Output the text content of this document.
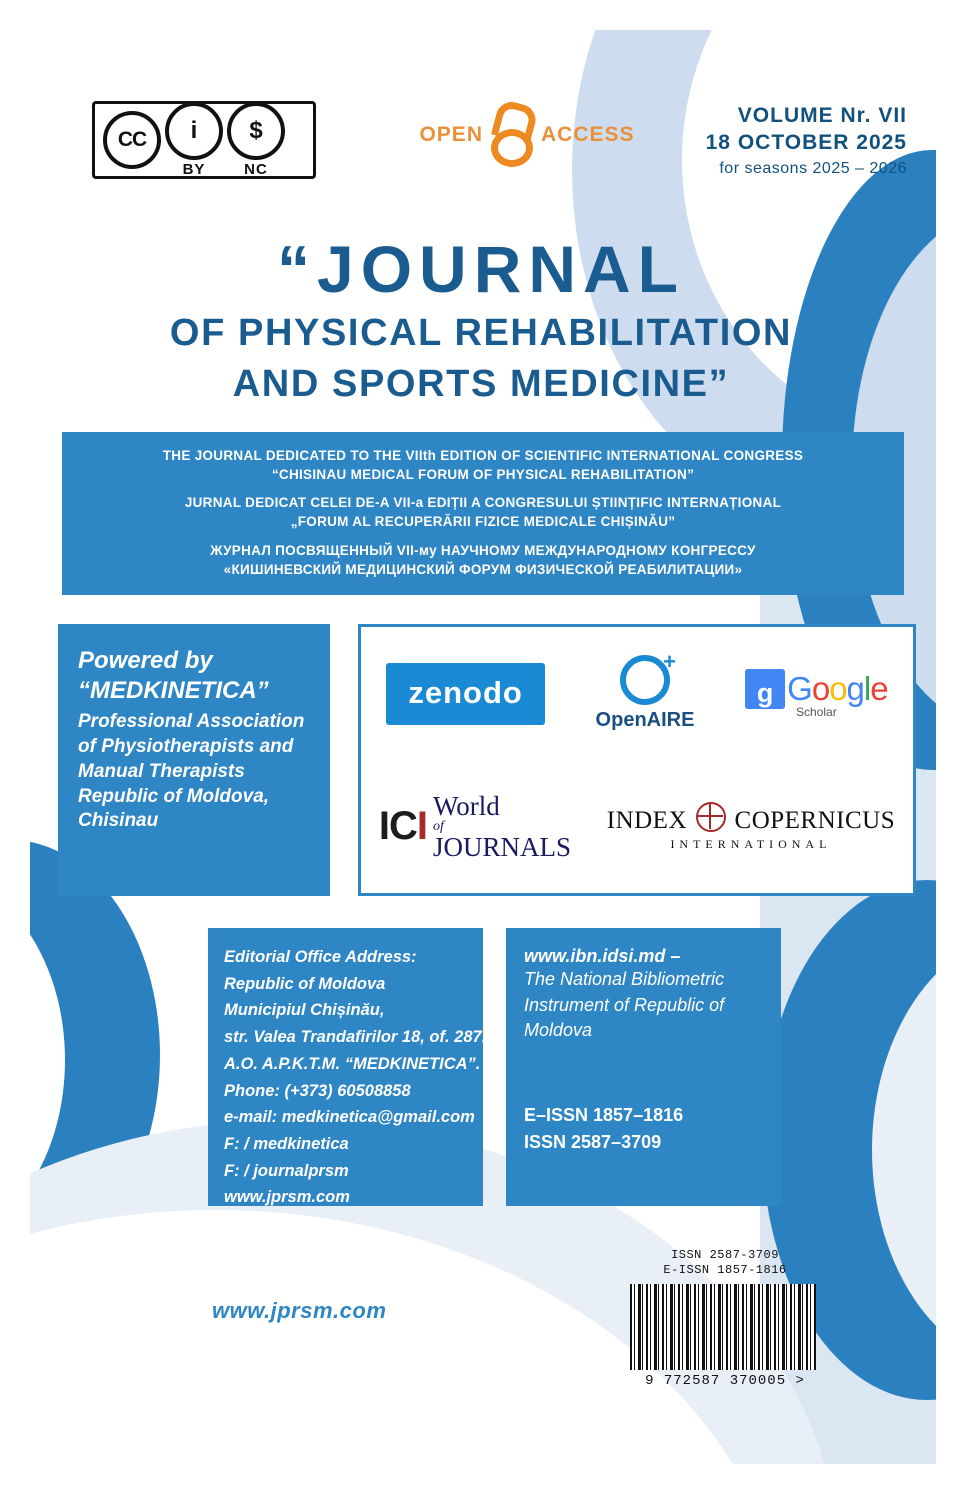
CC	i
BY
$
NC
OPEN	ACCESS
VOLUME Nr. VII
18 OCTOBER 2025
for seasons 2025 – 2026
“JOURNAL
OF PHYSICAL REHABILITATION
AND SPORTS MEDICINE”
THE JOURNAL DEDICATED TO THE VIIth EDITION OF SCIENTIFIC INTERNATIONAL CONGRESS
“CHISINAU MEDICAL FORUM OF PHYSICAL REHABILITATION”
JURNAL DEDICAT CELEI DE-A VII-a EDIȚII A CONGRESULUI ȘTIINȚIFIC INTERNAȚIONAL
„FORUM AL RECUPERĂRII FIZICE MEDICALE CHIȘINĂU”
ЖУРНАЛ ПОСВЯЩЕННЫЙ VII-му НАУЧНОМУ МЕЖДУНАРОДНОМУ КОНГРЕССУ
«КИШИНЕВСКИЙ МЕДИЦИНСКИЙ ФОРУМ ФИЗИЧЕСКОЙ РЕАБИЛИТАЦИИ»
Powered by
“MEDKINETICA”
Professional Association of Physiotherapists and Manual Therapists Republic of Moldova, Chisinau
zenodo
+
OpenAIRE
g Google
Scholar
ICI World
of
JOURNALS
INDEX COPERNICUS
INTERNATIONAL
Editorial Office Address:
Republic of Moldova
Municipiul Chișinău,
str. Valea Trandafirilor 18, of. 287.
A.O. A.P.K.T.M. “MEDKINETICA”.
Phone: (+373) 60508858
e-mail: medkinetica@gmail.com
F: / medkinetica
F: / journalprsm
www.jprsm.com
www.ibn.idsi.md –
The National Bibliometric Instrument of Republic of Moldova
E–ISSN 1857–1816
ISSN 2587–3709
www.jprsm.com
ISSN 2587-3709
E-ISSN 1857-1816
9 772587 370005 >
